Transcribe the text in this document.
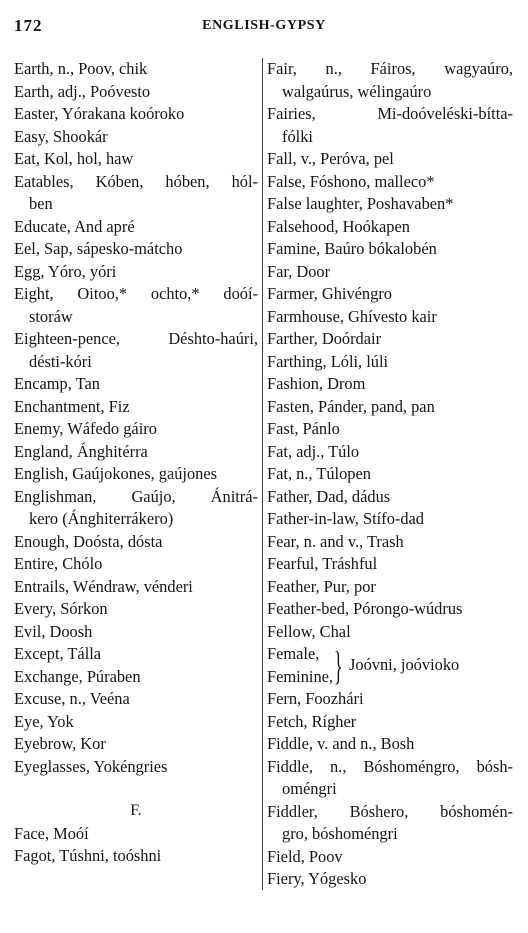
172	ENGLISH-GYPSY
Earth, n., Poov, chik
Earth, adj., Poóvesto
Easter, Yórakana koóroko
Easy, Shookár
Eat, Kol, hol, haw
Eatables, Kóben, hóben, hól-
ben
Educate, And apré
Eel, Sap, sápesko-mátcho
Egg, Yóro, yóri
Eight, Oitoo,* ochto,* doóí-
storáw
Eighteen-pence, Déshto-haúri,
désti-kóri
Encamp, Tan
Enchantment, Fiz
Enemy, Wáfedo gáiro
England, Ánghitérra
English, Gaújokones, gaújones
Englishman, Gaújo, Ánitrá-
kero (Ánghiterrákero)
Enough, Doósta, dósta
Entire, Chólo
Entrails, Wéndraw, vénderi
Every, Sórkon
Evil, Doosh
Except, Tálla
Exchange, Púraben
Excuse, n., Veéna
Eye, Yok
Eyebrow, Kor
Eyeglasses, Yokéngries
F.
Face, Moóí
Fagot, Túshni, toóshni
Fair, n., Fáiros, wagyaúro,
walgaúrus, wélingaúro
Fairies, Mi-doóveléski-bítta-
fólki
Fall, v., Peróva, pel
False, Fóshono, malleco*
False laughter, Poshavaben*
Falsehood, Hoókapen
Famine, Baúro bókalobén
Far, Door
Farmer, Ghivéngro
Farmhouse, Ghívesto kair
Farther, Doórdair
Farthing, Lóli, lúli
Fashion, Drom
Fasten, Pánder, pand, pan
Fast, Pánlo
Fat, adj., Túlo
Fat, n., Túlopen
Father, Dad, dádus
Father-in-law, Stífo-dad
Fear, n. and v., Trash
Fearful, Tráshful
Feather, Pur, por
Feather-bed, Pórongo-wúdrus
Fellow, Chal
Female,
Feminine, } Joóvni, joóvioko
Fern, Foozhári
Fetch, Rígher
Fiddle, v. and n., Bosh
Fiddle, n., Bóshoméngro, bósh-
oméngri
Fiddler, Bóshero, bóshomén-
gro, bóshoméngri
Field, Poov
Fiery, Yógesko
